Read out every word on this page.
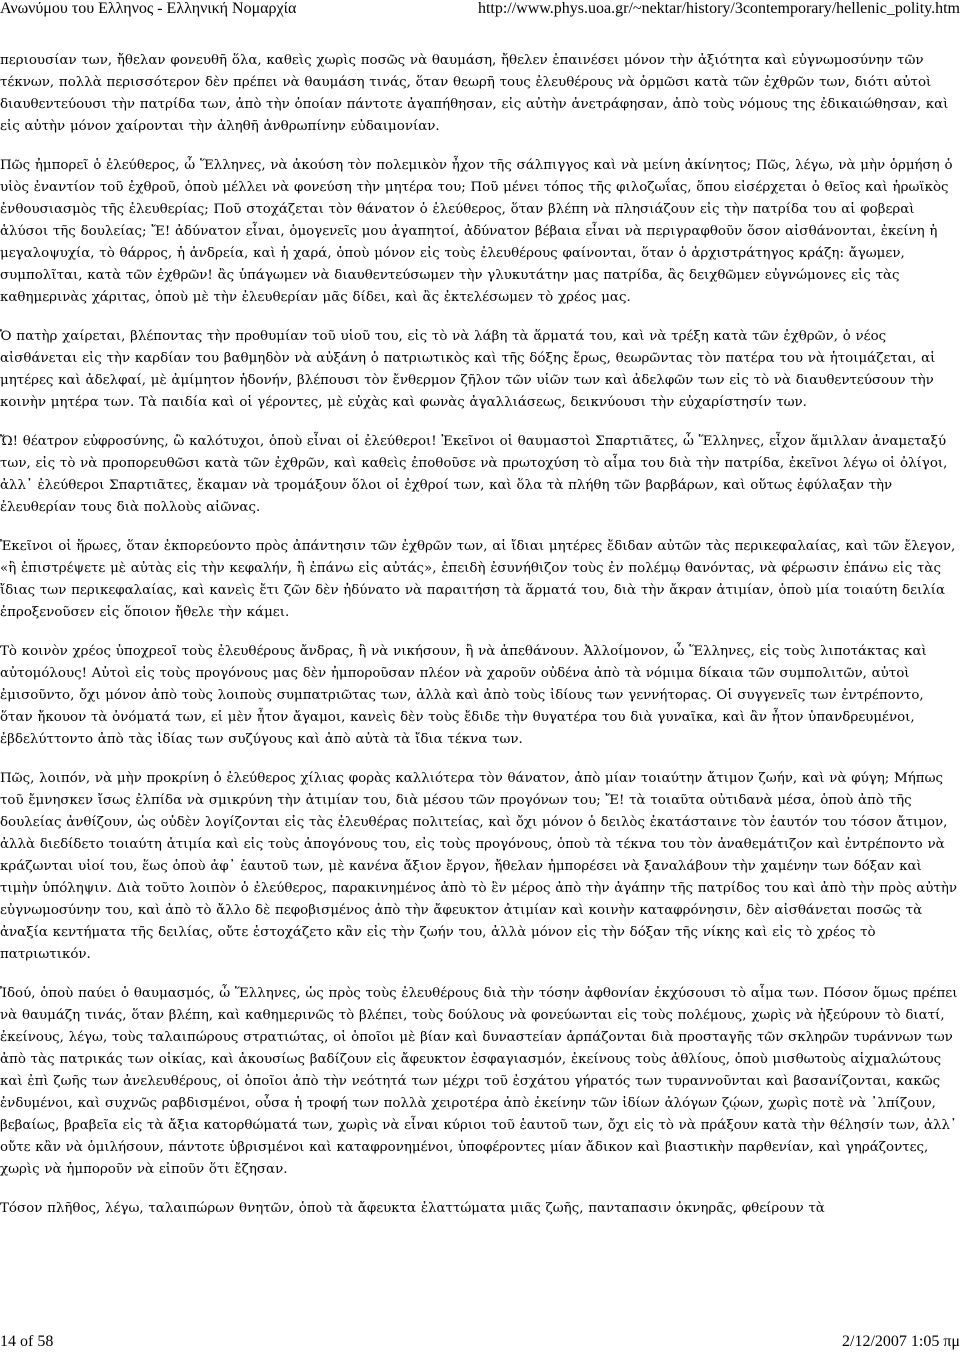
Ανωνύμου του Ελληνος - Ελληνική Νομαρχία	http://www.phys.uoa.gr/~nektar/history/3contemporary/hellenic_polity.htm

περιουσίαν των, ἤθελαν φονευθῆ ὅλα, καθεὶς χωρὶς ποσῶς νὰ θαυμάση, ἤθελεν ἐπαινέσει μόνον τὴν ἀξιότητα καὶ εὐγνωμοσύνην τῶν τέκνων, πολλὰ περισσότερον δὲν πρέπει νὰ θαυμάση τινάς, ὅταν θεωρῆ τους ἐλευθέρους νὰ ὁρμῶσι κατὰ τῶν ἐχθρῶν των, διότι αὐτοὶ διαυθεντεύουσι τὴν πατρίδα των, ἀπὸ τὴν ὁποίαν πάντοτε ἀγαπήθησαν, εἰς αὐτὴν ἀνετράφησαν, ἀπὸ τοὺς νόμους της ἐδικαιώθησαν, καὶ εἰς αὐτὴν μόνον χαίρονται τὴν ἀληθῆ ἀνθρωπίνην εὐδαιμονίαν.

Πῶς ἠμπορεῖ ὁ ἐλεύθερος, ὦ Ἕλληνες, νὰ ἀκούση τὸν πολεμικὸν ἦχον τῆς σάλπιγγος καὶ νὰ μείνη ἀκίνητος; Πῶς, λέγω, νὰ μὴν ὁρμήση ὁ υἱὸς ἐναντίον τοῦ ἐχθροῦ, ὁποὺ μέλλει νὰ φονεύση τὴν μητέρα του; Ποῦ μένει τόπος τῆς φιλοζωΐας, ὅπου εἰσέρχεται ὁ θεῖος καὶ ἡρωϊκὸς ἐνθουσιασμὸς τῆς ἐλευθερίας; Ποῦ στοχάζεται τὸν θάνατον ὁ ἐλεύθερος, ὅταν βλέπη νὰ πλησιάζουν εἰς τὴν πατρίδα του αἱ φοβεραὶ ἁλύσοι τῆς δουλείας; Ἔ! ἀδύνατον εἶναι, ὁμογενεῖς μου ἀγαπητοί, ἀδύνατον βέβαια εἶναι νὰ περιγραφθοῦν ὅσον αἰσθάνονται, ἐκείνη ἡ μεγαλοψυχία, τὸ θάρρος, ἡ ἀνδρεία, καὶ ἡ χαρά, ὁποὺ μόνον εἰς τοὺς ἐλευθέρους φαίνονται, ὅταν ὁ ἀρχιστράτηγος κράζη: ἄγωμεν, συμπολῖται, κατὰ τῶν ἐχθρῶν! ἂς ὑπάγωμεν νὰ διαυθεντεύσωμεν τὴν γλυκυτάτην μας πατρίδα, ἂς δειχθῶμεν εὐγνώμονες εἰς τὰς καθημερινὰς χάριτας, ὁποὺ μὲ τὴν ἐλευθερίαν μᾶς δίδει, καὶ ἂς ἐκτελέσωμεν τὸ χρέος μας.

Ὁ πατὴρ χαίρεται, βλέποντας τὴν προθυμίαν τοῦ υἱοῦ του, εἰς τὸ νὰ λάβη τὰ ἅρματά του, καὶ νὰ τρέξη κατὰ τῶν ἐχθρῶν, ὁ νέος αἰσθάνεται εἰς τὴν καρδίαν του βαθμηδὸν νὰ αὐξάνη ὁ πατριωτικὸς καὶ τῆς δόξης ἔρως, θεωρῶντας τὸν πατέρα του νὰ ἡτοιμάζεται, αἱ μητέρες καὶ ἀδελφαί, μὲ ἀμίμητον ἡδονήν, βλέπουσι τὸν ἔνθερμον ζῆλον τῶν υἱῶν των καὶ ἀδελφῶν των εἰς τὸ νὰ διαυθεντεύσουν τὴν κοινὴν μητέρα των. Τὰ παιδία καὶ οἱ γέροντες, μὲ εὐχὰς καὶ φωνὰς ἀγαλλιάσεως, δεικνύουσι τὴν εὐχαρίστησίν των.

Ὤ! θέατρον εὐφροσύνης, ὢ καλότυχοι, ὁποὺ εἶναι οἱ ἐλεύθεροι! Ἐκεῖνοι οἱ θαυμαστοὶ Σπαρτιᾶτες, ὦ Ἕλληνες, εἶχον ἅμιλλαν ἀναμεταξύ των, εἰς τὸ νὰ προπορευθῶσι κατὰ τῶν ἐχθρῶν, καὶ καθεὶς ἐποθοῦσε νὰ πρωτοχύση τὸ αἷμα του διὰ τὴν πατρίδα, ἐκεῖνοι λέγω οἱ ὀλίγοι, ἀλλ᾽ ἐλεύθεροι Σπαρτιᾶτες, ἔκαμαν νὰ τρομάξουν ὅλοι οἱ ἐχθροί των, καὶ ὅλα τὰ πλήθη τῶν βαρβάρων, καὶ οὕτως ἐφύλαξαν τὴν ἐλευθερίαν τους διὰ πολλοὺς αἰῶνας.

Ἐκεῖνοι οἱ ἥρωες, ὅταν ἐκπορεύοντο πρὸς ἀπάντησιν τῶν ἐχθρῶν των, αἱ ἴδιαι μητέρες ἔδιδαν αὐτῶν τὰς περικεφαλαίας, καὶ τῶν ἔλεγον, «ἢ ἐπιστρέψετε μὲ αὐτὰς εἰς τὴν κεφαλήν, ἢ ἐπάνω εἰς αὐτάς», ἐπειδὴ ἐσυνήθιζον τοὺς ἐν πολέμῳ θανόντας, νὰ φέρωσιν ἐπάνω εἰς τὰς ἴδιας των περικεφαλαίας, καὶ κανεὶς ἔτι ζῶν δὲν ἠδύνατο νὰ παραιτήση τὰ ἅρματά του, διὰ τὴν ἄκραν ἀτιμίαν, ὁποὺ μία τοιαύτη δειλία ἐπροξενοῦσεν εἰς ὅποιον ἤθελε τὴν κάμει.

Τὸ κοινὸν χρέος ὑποχρεοῖ τοὺς ἐλευθέρους ἄνδρας, ἢ νὰ νικήσουν, ἢ νὰ ἀπεθάνουν. Ἀλλοίμονον, ὦ Ἕλληνες, εἰς τοὺς λιποτάκτας καὶ αὐτομόλους! Αὐτοὶ εἰς τοὺς προγόνους μας δὲν ἠμποροῦσαν πλέον νὰ χαροῦν οὐδένα ἀπὸ τὰ νόμιμα δίκαια τῶν συμπολιτῶν, αὐτοὶ ἐμισοῦντο, ὄχι μόνον ἀπὸ τοὺς λοιποὺς συμπατριῶτας των, ἀλλὰ καὶ ἀπὸ τοὺς ἰδίους των γεννήτορας. Οἱ συγγενεῖς των ἐντρέποντο, ὅταν ἤκουον τὰ ὀνόματά των, εἰ μὲν ἦτον ἄγαμοι, κανεὶς δὲν τοὺς ἔδιδε τὴν θυγατέρα του διὰ γυναῖκα, καὶ ἂν ἦτον ὑπανδρευμένοι, ἐβδελύττοντο ἀπὸ τὰς ἰδίας των συζύγους καὶ ἀπὸ αὐτὰ τὰ ἴδια τέκνα των.

Πῶς, λοιπόν, νὰ μὴν προκρίνη ὁ ἐλεύθερος χίλιας φορὰς καλλιότερα τὸν θάνατον, ἀπὸ μίαν τοιαύτην ἄτιμον ζωήν, καὶ νὰ φύγη; Μήπως τοῦ ἔμνησκεν ἴσως ἐλπίδα νὰ σμικρύνη τὴν ἀτιμίαν του, διὰ μέσου τῶν προγόνων του; Ἔ! τὰ τοιαῦτα οὐτιδανὰ μέσα, ὁποὺ ἀπὸ τῆς δουλείας ἀνθίζουν, ὡς οὐδὲν λογίζονται εἰς τὰς ἐλευθέρας πολιτείας, καὶ ὄχι μόνον ὁ δειλὸς ἐκατάσταινε τὸν ἑαυτόν του τόσον ἄτιμον, ἀλλὰ διεδίδετο τοιαύτη ἀτιμία καὶ εἰς τοὺς ἀπογόνους του, εἰς τοὺς προγόνους, ὁποὺ τὰ τέκνα του τὸν ἀναθεμάτιζον καὶ ἐντρέποντο νὰ κράζωνται υἱοί του, ἕως ὁποὺ ἀφ᾽ ἑαυτοῦ των, μὲ κανένα ἄξιον ἔργον, ἤθελαν ἠμπορέσει νὰ ξαναλάβουν τὴν χαμένην των δόξαν καὶ τιμὴν ὑπόληψιν. Διὰ τοῦτο λοιπὸν ὁ ἐλεύθερος, παρακινημένος ἀπὸ τὸ ἓν μέρος ἀπὸ τὴν ἀγάπην τῆς πατρίδος του καὶ ἀπὸ τὴν πρὸς αὐτὴν εὐγνωμοσύνην του, καὶ ἀπὸ τὸ ἄλλο δὲ πεφοβισμένος ἀπὸ τὴν ἄφευκτον ἀτιμίαν καὶ κοινὴν καταφρόνησιν, δὲν αἰσθάνεται ποσῶς τὰ ἀναξία κεντήματα τῆς δειλίας, οὔτε ἐστοχάζετο κἂν εἰς τὴν ζωήν του, ἀλλὰ μόνον εἰς τὴν δόξαν τῆς νίκης καὶ εἰς τὸ χρέος τὸ πατριωτικόν.

Ἰδού, ὁποὺ παύει ὁ θαυμασμός, ὦ Ἕλληνες, ὡς πρὸς τοὺς ἐλευθέρους διὰ τὴν τόσην ἀφθονίαν ἐκχύσουσι τὸ αἷμα των. Πόσον ὅμως πρέπει νὰ θαυμάζη τινάς, ὅταν βλέπη, καὶ καθημερινῶς τὸ βλέπει, τοὺς δούλους νὰ φονεύωνται εἰς τοὺς πολέμους, χωρὶς νὰ ἠξεύρουν τὸ διατί, ἐκείνους, λέγω, τοὺς ταλαιπώρους στρατιώτας, οἱ ὁποῖοι μὲ βίαν καὶ δυναστείαν ἁρπάζονται διὰ προσταγῆς τῶν σκληρῶν τυράννων των ἀπὸ τὰς πατρικάς των οἰκίας, καὶ ἀκουσίως βαδίζουν εἰς ἄφευκτον ἐσφαγιασμόν, ἐκείνους τοὺς ἀθλίους, ὁποὺ μισθωτοὺς αἰχμαλώτους καὶ ἐπὶ ζωῆς των ἀνελευθέρους, οἱ ὁποῖοι ἀπὸ τὴν νεότητά των μέχρι τοῦ ἐσχάτου γήρατός των τυραννοῦνται καὶ βασανίζονται, κακῶς ἐνδυμένοι, καὶ συχνῶς ραβδισμένοι, οὖσα ἡ τροφή των πολλὰ χειροτέρα ἀπὸ ἐκείνην τῶν ἰδίων ἀλόγων ζῴων, χωρὶς ποτὲ νὰ ᾽λπίζουν, βεβαίως, βραβεῖα εἰς τὰ ἄξια κατορθώματά των, χωρὶς νὰ εἶναι κύριοι τοῦ ἑαυτοῦ των, ὄχι εἰς τὸ νὰ πράξουν κατὰ τὴν θέλησίν των, ἀλλ᾽ οὔτε κἂν νὰ ὁμιλήσουν, πάντοτε ὑβρισμένοι καὶ καταφρονημένοι, ὑποφέροντες μίαν ἄδικον καὶ βιαστικὴν παρθενίαν, καὶ γηράζοντες, χωρὶς νὰ ἠμποροῦν νὰ εἰποῦν ὅτι ἔζησαν.

Τόσον πλῆθος, λέγω, ταλαιπώρων θνητῶν, ὁποὺ τὰ ἄφευκτα ἐλαττώματα μιᾶς ζωῆς, πανταπασιν ὀκνηρᾶς, φθείρουν τὰ

14 of 58	2/12/2007 1:05 πμ
